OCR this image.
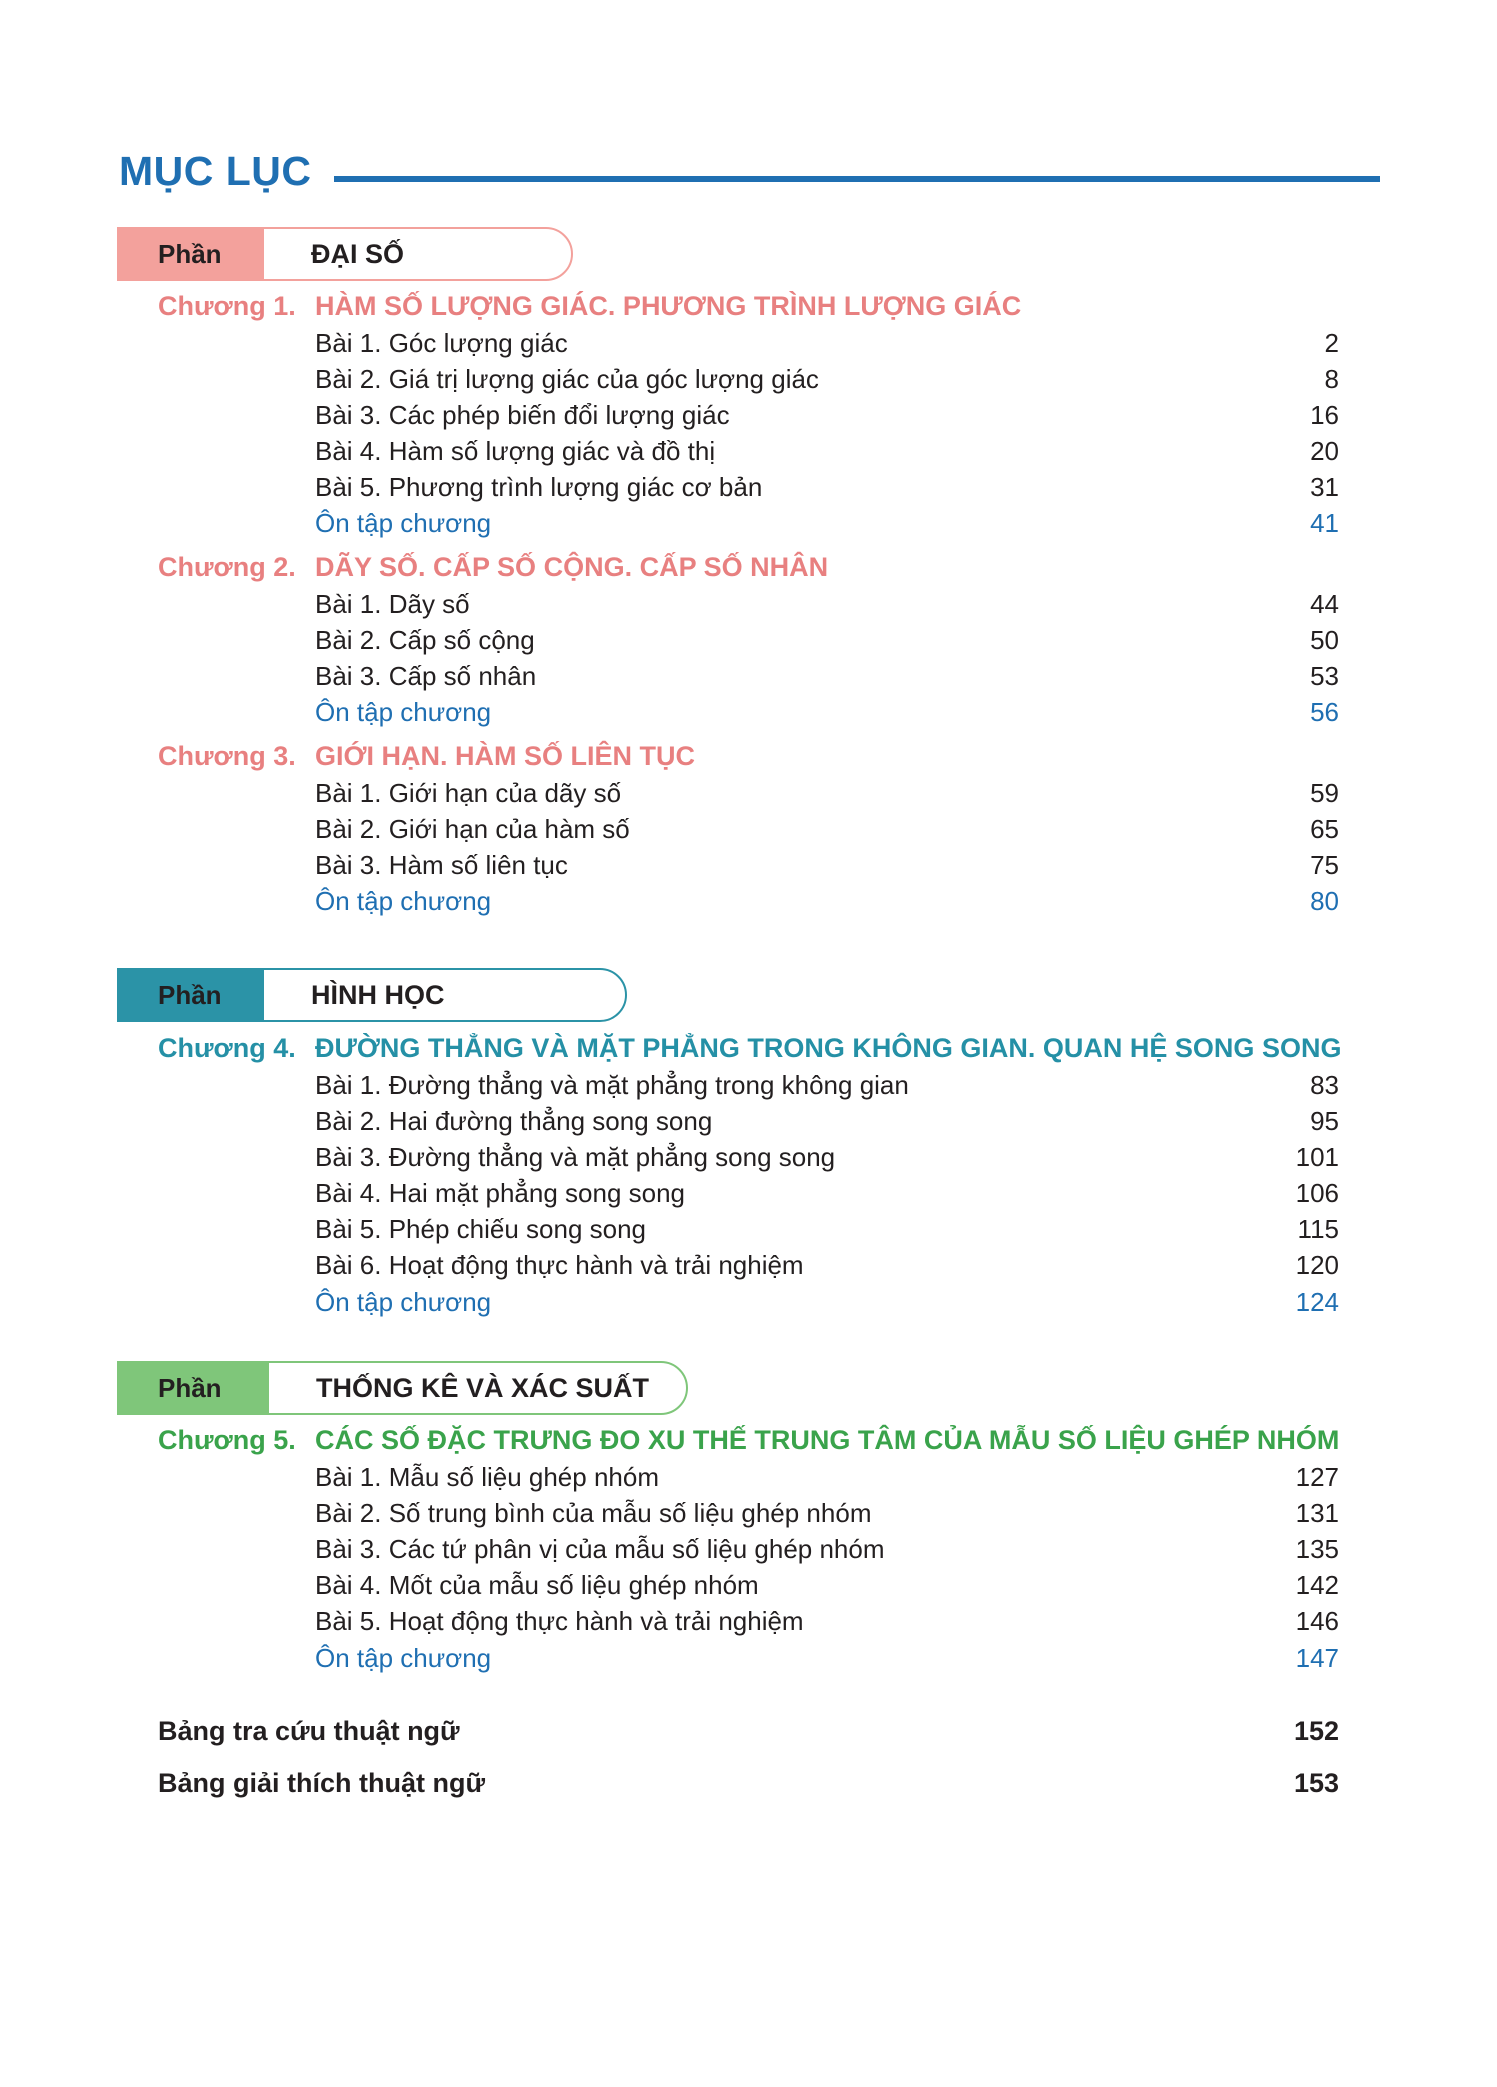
MỤC LỤC
Phần	ĐẠI SỐ
Chương 1. HÀM SỐ LƯỢNG GIÁC. PHƯƠNG TRÌNH LƯỢNG GIÁC
Bài 1. Góc lượng giác	2
Bài 2. Giá trị lượng giác của góc lượng giác	8
Bài 3. Các phép biến đổi lượng giác	16
Bài 4. Hàm số lượng giác và đồ thị	20
Bài 5. Phương trình lượng giác cơ bản	31
Ôn tập chương	41
Chương 2. DÃY SỐ. CẤP SỐ CỘNG. CẤP SỐ NHÂN
Bài 1. Dãy số	44
Bài 2. Cấp số cộng	50
Bài 3. Cấp số nhân	53
Ôn tập chương	56
Chương 3. GIỚI HẠN. HÀM SỐ LIÊN TỤC
Bài 1. Giới hạn của dãy số	59
Bài 2. Giới hạn của hàm số	65
Bài 3. Hàm số liên tục	75
Ôn tập chương	80
Phần	HÌNH HỌC
Chương 4. ĐƯỜNG THẲNG VÀ MẶT PHẲNG TRONG KHÔNG GIAN. QUAN HỆ SONG SONG
Bài 1. Đường thẳng và mặt phẳng trong không gian	83
Bài 2. Hai đường thẳng song song	95
Bài 3. Đường thẳng và mặt phẳng song song	101
Bài 4. Hai mặt phẳng song song	106
Bài 5. Phép chiếu song song	115
Bài 6. Hoạt động thực hành và trải nghiệm	120
Ôn tập chương	124
Phần	THỐNG KÊ VÀ XÁC SUẤT
Chương 5. CÁC SỐ ĐẶC TRƯNG ĐO XU THẾ TRUNG TÂM CỦA MẪU SỐ LIỆU GHÉP NHÓM
Bài 1. Mẫu số liệu ghép nhóm	127
Bài 2. Số trung bình của mẫu số liệu ghép nhóm	131
Bài 3. Các tứ phân vị của mẫu số liệu ghép nhóm	135
Bài 4. Mốt của mẫu số liệu ghép nhóm	142
Bài 5. Hoạt động thực hành và trải nghiệm	146
Ôn tập chương	147
Bảng tra cứu thuật ngữ	152
Bảng giải thích thuật ngữ	153
